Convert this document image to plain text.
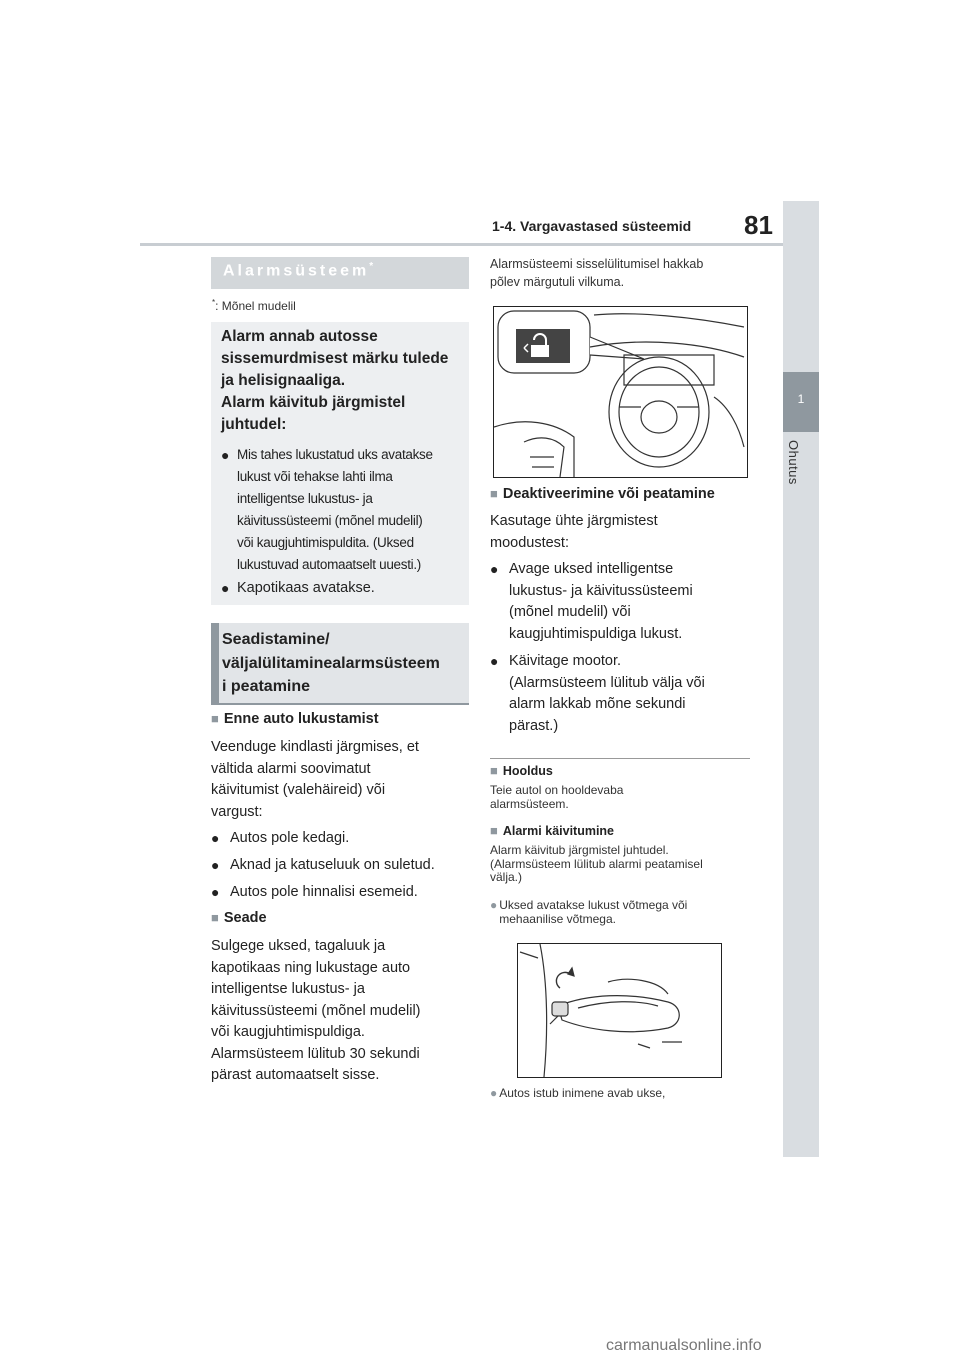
1-4. Vargavastased süsteemid 81
1
Ohutus
Alarmsüsteem*
*: Mõnel mudelil
Alarm annab autosse
sissemurdmisest märku tulede
ja helisignaaliga.
Alarm käivitub järgmistel
juhtudel:
● Mis tahes lukustatud uks avatakse
lukust või tehakse lahti ilma
intelligentse lukustus- ja
käivitussüsteemi (mõnel mudelil)
või kaugjuhtimispuldita. (Uksed
lukustuvad automaatselt uuesti.)
● Kapotikaas avatakse.
Seadistamine/
väljalülitaminealarmsüsteem
i peatamine
■ Enne auto lukustamist
Veenduge kindlasti järgmises, et
vältida alarmi soovimatut
käivitumist (valehäireid) või
vargust:
● Autos pole kedagi.
● Aknad ja katuseluuk on suletud.
● Autos pole hinnalisi esemeid.
■ Seade
Sulgege uksed, tagaluuk ja
kapotikaas ning lukustage auto
intelligentse lukustus- ja
käivitussüsteemi (mõnel mudelil)
või kaugjuhtimispuldiga.
Alarmsüsteem lülitub 30 sekundi
pärast automaatselt sisse.
Alarmsüsteemi sisselülitumisel hakkab
põlev märgutuli vilkuma.
■ Deaktiveerimine või peatamine
Kasutage ühte järgmistest
moodustest:
● Avage uksed intelligentse
lukustus- ja käivitussüsteemi
(mõnel mudelil) või
kaugjuhtimispuldiga lukust.
● Käivitage mootor.
(Alarmsüsteem lülitub välja või
alarm lakkab mõne sekundi
pärast.)
■ Hooldus
Teie autol on hooldevaba
alarmsüsteem.
■ Alarmi käivitumine
Alarm käivitub järgmistel juhtudel.
(Alarmsüsteem lülitub alarmi peatamisel
välja.)
● Uksed avatakse lukust võtmega või
mehaanilise võtmega.
● Autos istub inimene avab ukse,
carmanualsonline.info
